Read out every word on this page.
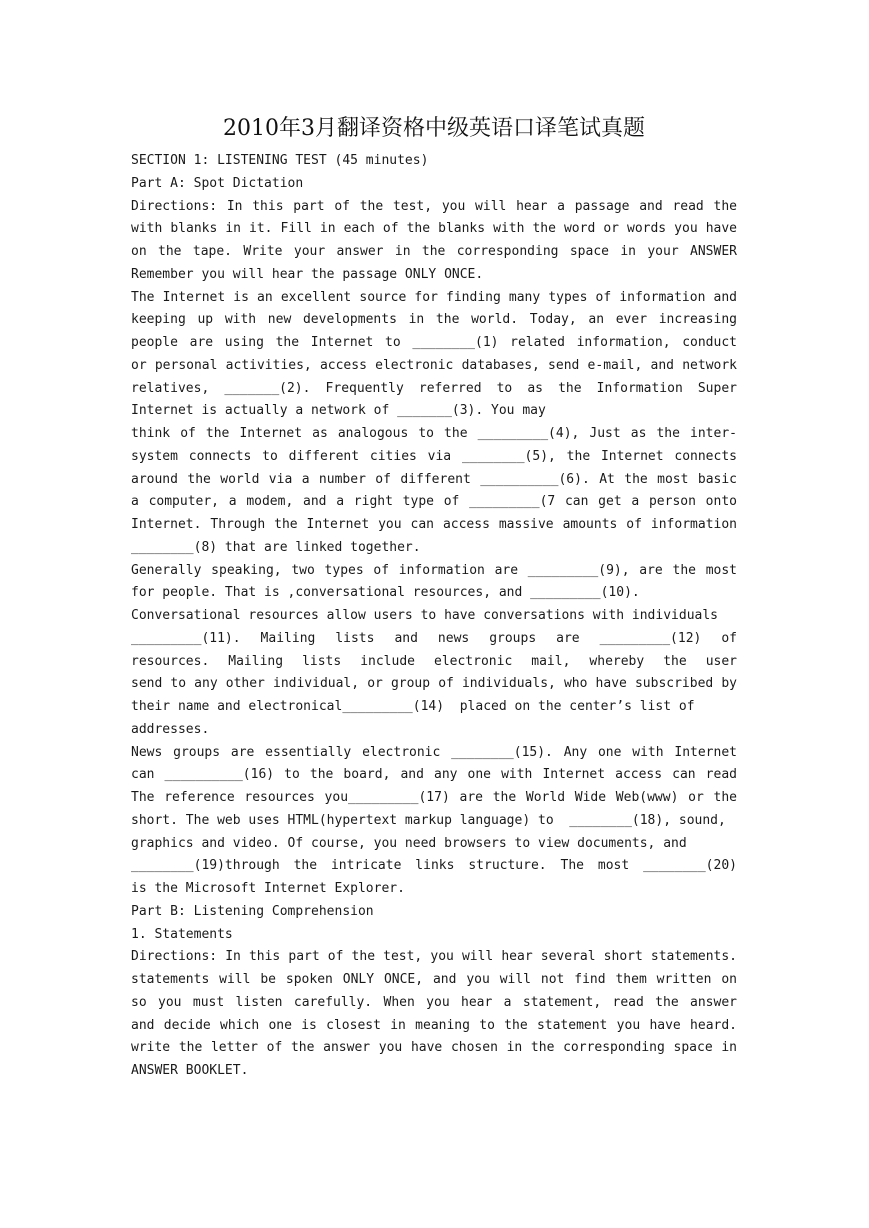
2010年3月翻译资格中级英语口译笔试真题
SECTION 1: LISTENING TEST (45 minutes)
Part A: Spot Dictation
Directions: In this part of the test, you will hear a passage and read the
with blanks in it. Fill in each of the blanks with the word or words you have
on the tape. Write your answer in the corresponding space in your ANSWER
Remember you will hear the passage ONLY ONCE.
The Internet is an excellent source for finding many types of information and
keeping up with new developments in the world. Today, an ever increasing
people are using the Internet to ________(1) related information, conduct
or personal activities, access electronic databases, send e-mail, and network
relatives, _______(2). Frequently referred to as the Information Super
Internet is actually a network of _______(3). You may
think of the Internet as analogous to the _________(4), Just as the inter-
system connects to different cities via ________(5), the Internet connects
around the world via a number of different __________(6). At the most basic
a computer, a modem, and a right type of _________(7 can get a person onto
Internet. Through the Internet you can access massive amounts of information
________(8) that are linked together.
Generally speaking, two types of information are _________(9), are the most
for people. That is ,conversational resources, and _________(10).
Conversational resources allow users to have conversations with individuals
_________(11). Mailing lists and news groups are _________(12) of
resources. Mailing lists include electronic mail, whereby the user
send to any other individual, or group of individuals, who have subscribed by
their name and electronical_________(14)  placed on the center’s list of
addresses.
News groups are essentially electronic ________(15). Any one with Internet
can __________(16) to the board, and any one with Internet access can read
The reference resources you_________(17) are the World Wide Web(www) or the
short. The web uses HTML(hypertext markup language) to  ________(18), sound,
graphics and video. Of course, you need browsers to view documents, and
________(19)through the intricate links structure. The most ________(20)
is the Microsoft Internet Explorer.
Part B: Listening Comprehension
1. Statements
Directions: In this part of the test, you will hear several short statements.
statements will be spoken ONLY ONCE, and you will not find them written on
so you must listen carefully. When you hear a statement, read the answer
and decide which one is closest in meaning to the statement you have heard.
write the letter of the answer you have chosen in the corresponding space in
ANSWER BOOKLET.
